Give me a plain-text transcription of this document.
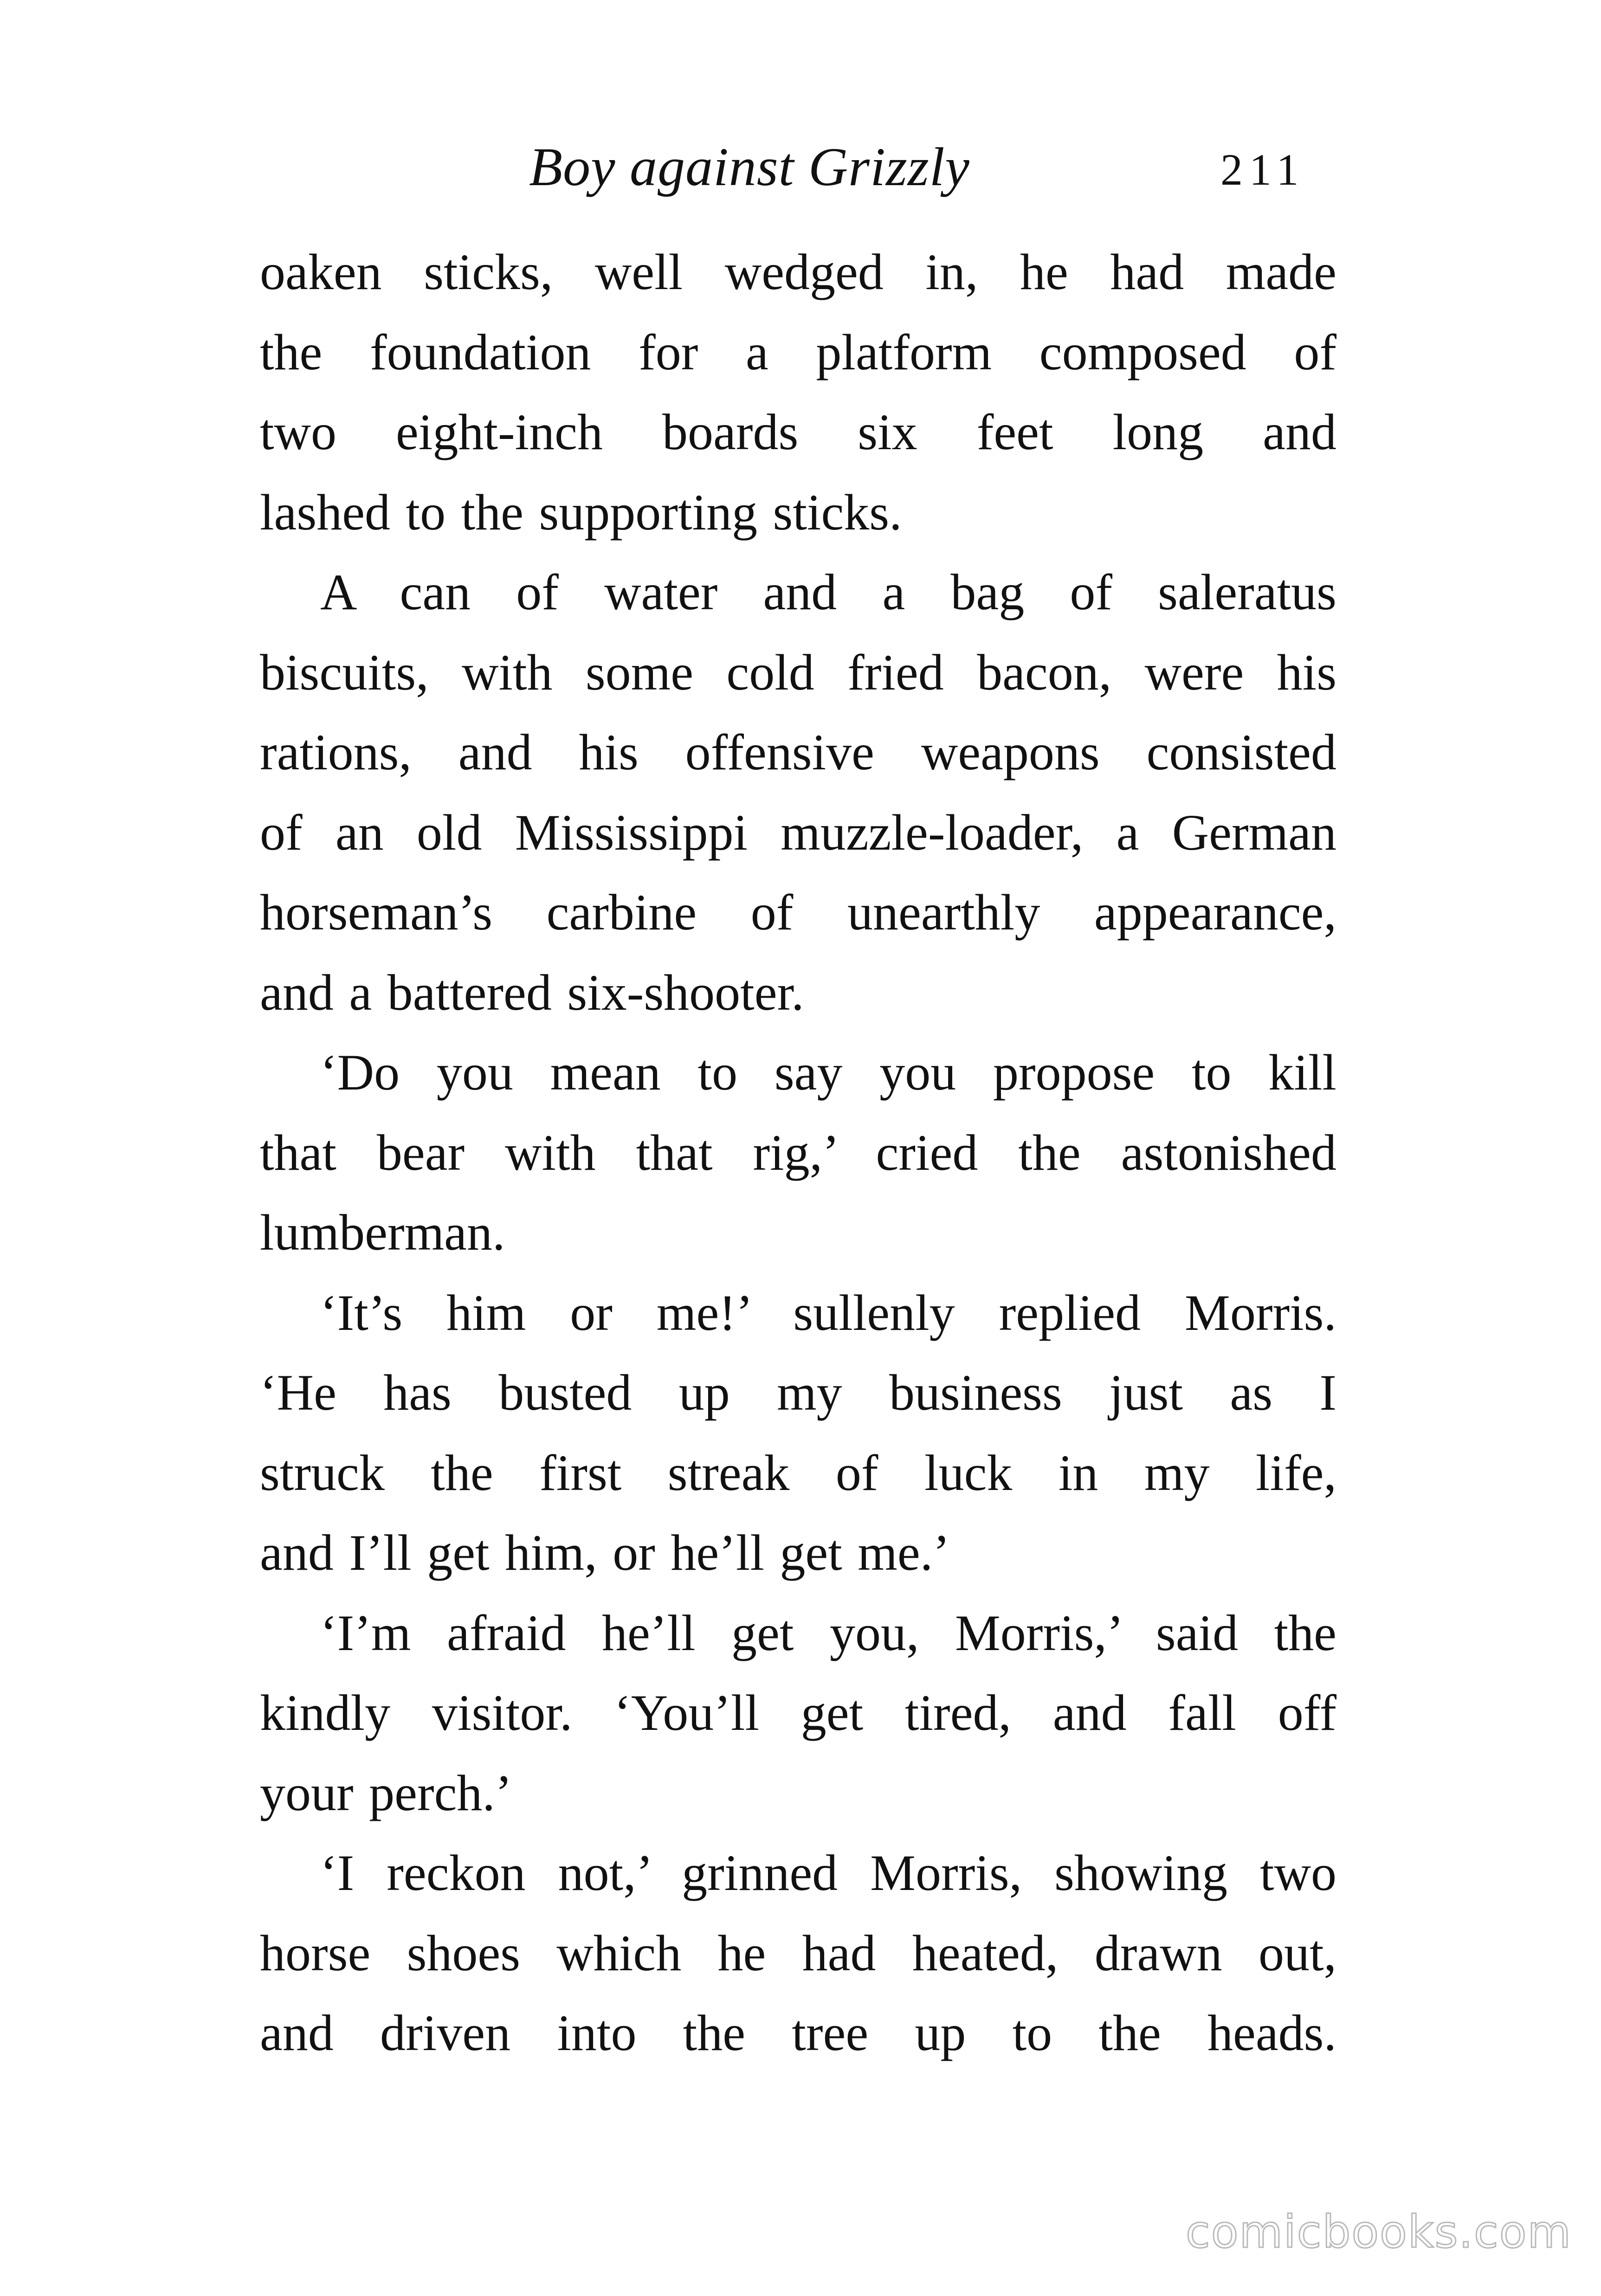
Boy against Grizzly	211
oaken sticks, well wedged in, he had made
the foundation for a platform composed of
two eight-inch boards six feet long and
lashed to the supporting sticks.
A can of water and a bag of saleratus
biscuits, with some cold fried bacon, were his
rations, and his offensive weapons consisted
of an old Mississippi muzzle-loader, a German
horseman’s carbine of unearthly appearance,
and a battered six-shooter.
‘Do you mean to say you propose to kill
that bear with that rig,’ cried the astonished
lumberman.
‘It’s him or me!’ sullenly replied Morris.
‘He has busted up my business just as I
struck the first streak of luck in my life,
and I’ll get him, or he’ll get me.’
‘I’m afraid he’ll get you, Morris,’ said the
kindly visitor. ‘You’ll get tired, and fall off
your perch.’
‘I reckon not,’ grinned Morris, showing two
horse shoes which he had heated, drawn out,
and driven into the tree up to the heads.
comicbooks.com
